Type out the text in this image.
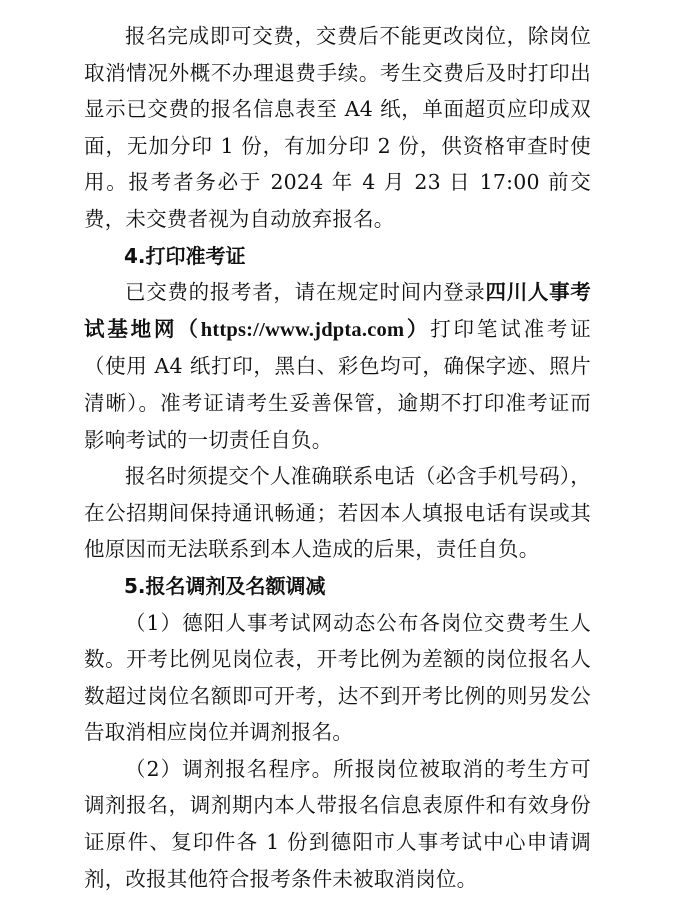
报名完成即可交费，交费后不能更改岗位，除岗位取消情况外概不办理退费手续。考生交费后及时打印出显示已交费的报名信息表至 A4 纸，单面超页应印成双面，无加分印 1 份，有加分印 2 份，供资格审查时使用。报考者务必于 2024 年 4 月 23 日 17:00 前交费，未交费者视为自动放弃报名。

4.打印准考证

已交费的报考者，请在规定时间内登录四川人事考试基地网（https://www.jdpta.com）打印笔试准考证（使用 A4 纸打印，黑白、彩色均可，确保字迹、照片清晰）。准考证请考生妥善保管，逾期不打印准考证而影响考试的一切责任自负。

报名时须提交个人准确联系电话（必含手机号码），在公招期间保持通讯畅通；若因本人填报电话有误或其他原因而无法联系到本人造成的后果，责任自负。

5.报名调剂及名额调减

（1）德阳人事考试网动态公布各岗位交费考生人数。开考比例见岗位表，开考比例为差额的岗位报名人数超过岗位名额即可开考，达不到开考比例的则另发公告取消相应岗位并调剂报名。

（2）调剂报名程序。所报岗位被取消的考生方可调剂报名，调剂期内本人带报名信息表原件和有效身份证原件、复印件各 1 份到德阳市人事考试中心申请调剂，改报其他符合报考条件未被取消岗位。
